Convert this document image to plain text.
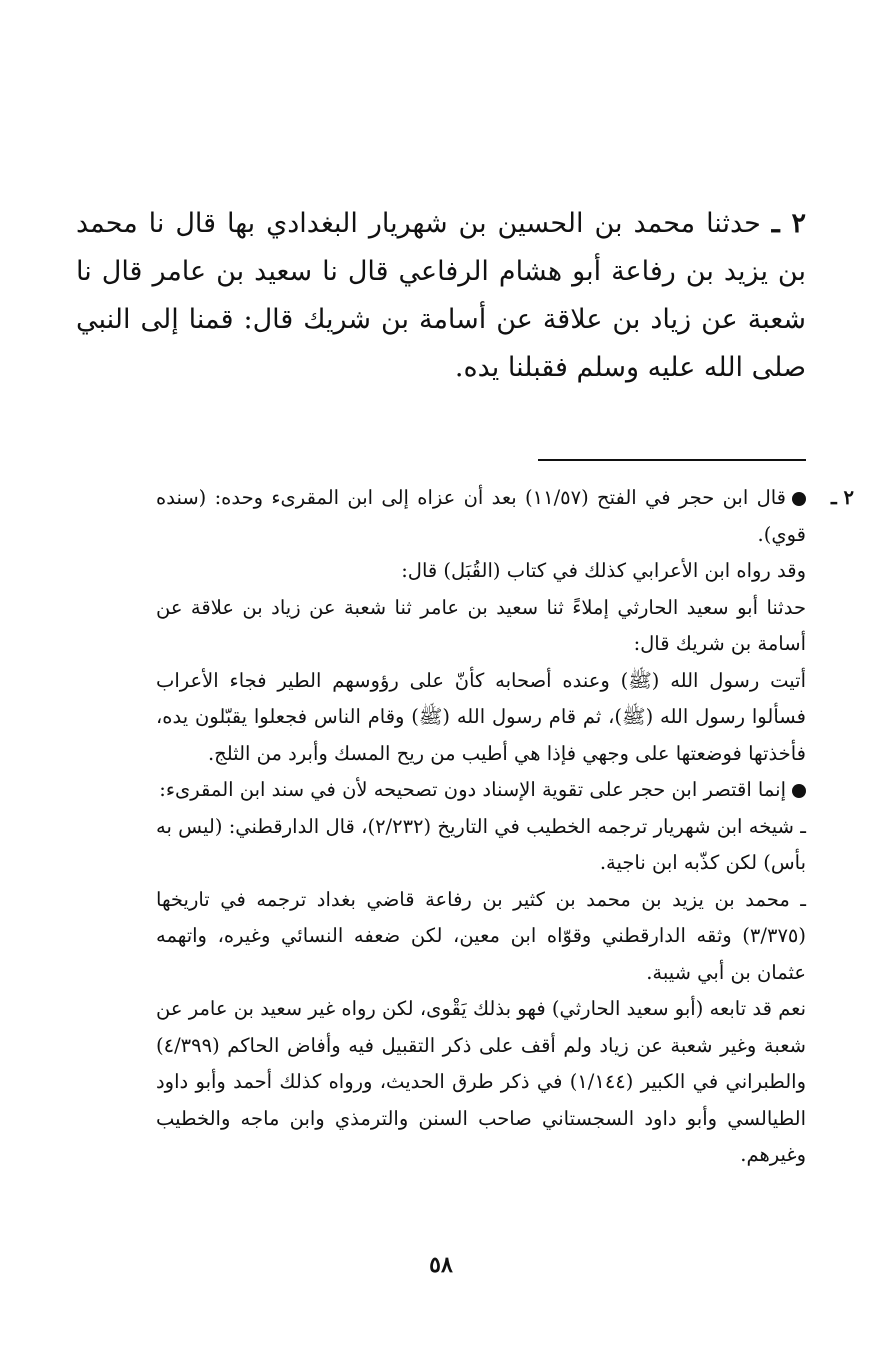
٢ ـ حدثنا محمد بن الحسين بن شهريار البغدادي بها قال نا محمد بن يزيد بن رفاعة أبو هشام الرفاعي قال نا سعيد بن عامر قال نا شعبة عن زياد بن علاقة عن أسامة بن شريك قال: قمنا إلى النبي صلى الله عليه وسلم فقبلنا يده.

٢ ـ
قال ابن حجر في الفتح (١١/٥٧) بعد أن عزاه إلى ابن المقرىء وحده: (سنده قوي).

وقد رواه ابن الأعرابي كذلك في كتاب (القُبَل) قال:

حدثنا أبو سعيد الحارثي إملاءً ثنا سعيد بن عامر ثنا شعبة عن زياد بن علاقة عن أسامة بن شريك قال:

أتيت رسول الله (ﷺ) وعنده أصحابه كأنّ على رؤوسهم الطير فجاء الأعراب فسألوا رسول الله (ﷺ)، ثم قام رسول الله (ﷺ) وقام الناس فجعلوا يقبّلون يده، فأخذتها فوضعتها على وجهي فإذا هي أطيب من ريح المسك وأبرد من الثلج.

إنما اقتصر ابن حجر على تقوية الإسناد دون تصحيحه لأن في سند ابن المقرىء:

ـ شيخه ابن شهريار ترجمه الخطيب في التاريخ (٢/٢٣٢)، قال الدارقطني: (ليس به بأس) لكن كذّبه ابن ناجية.

ـ محمد بن يزيد بن محمد بن كثير بن رفاعة قاضي بغداد ترجمه في تاريخها (٣/٣٧٥) وثقه الدارقطني وقوّاه ابن معين، لكن ضعفه النسائي وغيره، واتهمه عثمان بن أبي شيبة.

نعم قد تابعه (أبو سعيد الحارثي) فهو بذلك يَقْوى، لكن رواه غير سعيد بن عامر عن شعبة وغير شعبة عن زياد ولم أقف على ذكر التقبيل فيه وأفاض الحاكم (٤/٣٩٩) والطبراني في الكبير (١/١٤٤) في ذكر طرق الحديث، ورواه كذلك أحمد وأبو داود الطيالسي وأبو داود السجستاني صاحب السنن والترمذي وابن ماجه والخطيب وغيرهم.

٥٨
